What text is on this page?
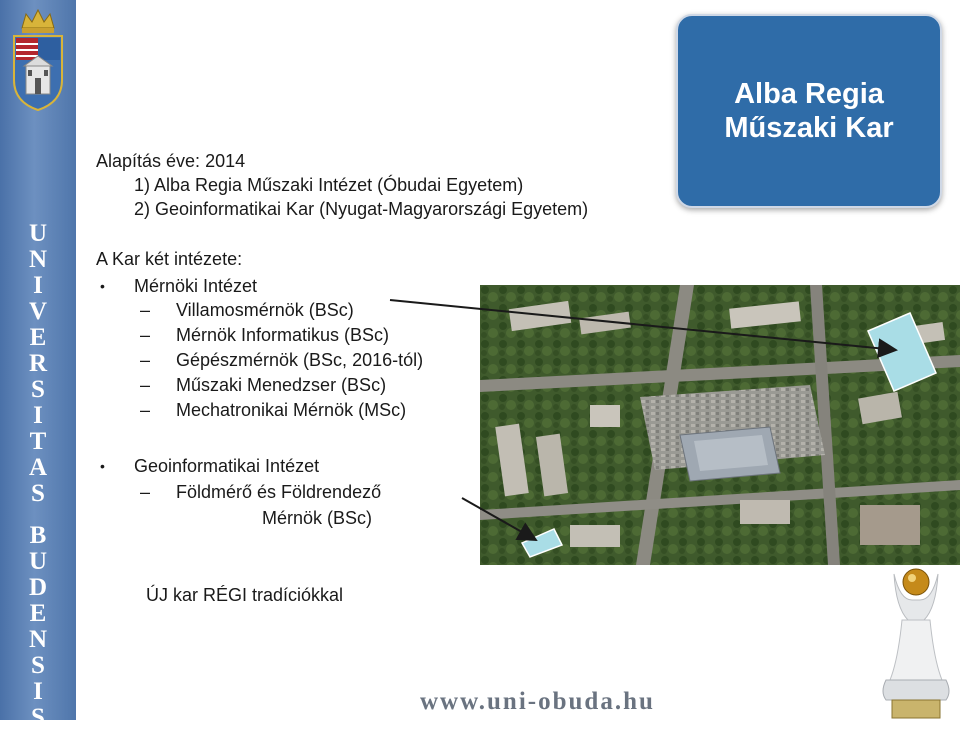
U
N
I
V
E
R
S
I
T
A
S
B
U
D
E
N
S
I
S
Alba Regia
Műszaki Kar
Alapítás éve: 2014
1) Alba Regia Műszaki Intézet (Óbudai Egyetem)
2) Geoinformatikai Kar (Nyugat-Magyarországi Egyetem)
A Kar két intézete:
• Mérnöki Intézet
– Villamosmérnök (BSc)
– Mérnök Informatikus (BSc)
– Gépészmérnök (BSc, 2016-tól)
– Műszaki Menedzser (BSc)
– Mechatronikai Mérnök (MSc)
• Geoinformatikai Intézet
– Földmérő és Földrendező
Mérnök (BSc)
ÚJ kar RÉGI tradíciókkal
www.uni-obuda.hu
